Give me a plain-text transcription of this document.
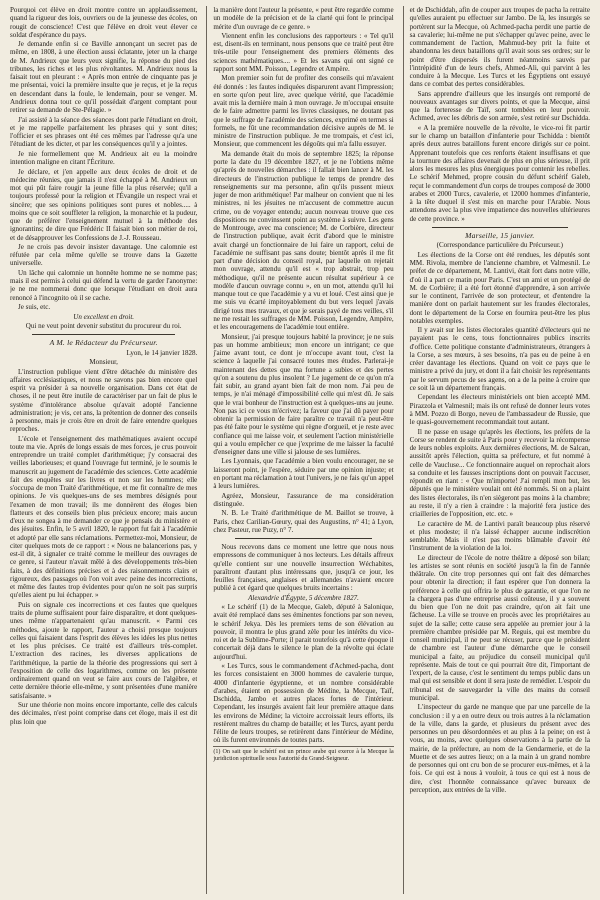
Pourquoi cet élève en droit montre contre un applaudissement, quand la rigueur des lois, ouvriers ou de la jeunesse des écoles, on rougit de conscience! C'est que l'élève en droit veut élever ce soldat d'espérance du pays.

Je demande enfin si ce Baville annonçant un secret pas de même, en 1808, à une élection aussi éclatante, jeter un la charge de M. Andrieux que leurs yeux signifie, la réponse du pied des tribunes, les riches et les plus révoltantes. M. Andrieux nous la faisait tout en pleurant : « Après mon entrée de cinquante pas je me présentai, voici la première insulte que je reçus, et je la reçus en descendant dans la foule, le lendemain, pour se venger. M. Andrieux donna tout ce qu'il possédait d'argent comptant pour retirer sa demande de Ste-Pélagie. »

J'ai assisté à la séance des séances dont parle l'étudiant en droit, et je me rappelle parfaitement les phrases qui y sont dites; l'officier et ses phrases ont été ces mêmes par l'adresse qu'a une l'étudiant de les dicter, et par les conséquences qu'il y a jointes.

Je nie formellement que M. Andrieux ait eu la moindre intention maligne en citant l'Écriture.

Je déclare, et j'en appelle aux deux écoles de droit et de médecine réunies, que jamais il n'est échappé à M. Andrieux un mot qui pût faire rougir la jeune fille la plus réservée; qu'il a toujours professé pour la religion et l'Évangile un respect vrai et sincère; que ses opinions politiques sont pures et nobles..... à moins que ce soit souffleter la religion, la monarchie et la pudeur, que de préférer l'enseignement mutuel à la méthode des ignorantins; de dire que Frédéric II faisait bien son métier de roi, et de désapprouver les Confessions de J.-J. Rousseau.

Je ne crois pas devoir insister davantage. Une calomnie est réfutée par cela même qu'elle se trouve dans la Gazette universelle.

Un lâche qui calomnie un honnête homme ne se nomme pas; mais il est permis à celui qui défend la vertu de garder l'anonyme: je ne me nommerai donc que lorsque l'étudiant en droit aura renoncé à l'incognito où il se cache.

Je suis, etc.

Un excellent en droit.

Qui ne veut point devenir substitut du procureur du roi.

A M. le Rédacteur du Précurseur.

Lyon, le 14 janvier 1828.

Monsieur,

L'instruction publique vient d'être détachée du ministère des affaires ecclésiastiques, et nous ne savons pas bien encore quel esprit va présider à sa nouvelle organisation. Dans cet état de choses, il ne peut être inutile de caractériser par un fait de plus le système d'intolérance absolue qu'avait adopté l'ancienne administration; je vis, cet ans, la prétention de donner des conseils à personne, mais je crois être en droit de faire entendre quelques reproches.

L'école et l'enseignement des mathématiques avaient occupé toute ma vie. Après de longs essais de mes forces, je crus pouvoir entreprendre un traité complet d'arithmétique; j'y consacrai des veilles laborieuses; et quand l'ouvrage fut terminé, je le soumis le manuscrit au jugement de l'académie des sciences. Cette académie fait des enquêtes sur les livres et non sur les hommes; elle s'occupa de mon Traité d'arithmétique, et me fit connaître de mes opinions. Je vis quelques-uns de ses membres désignés pour l'examen de mon travail; ils me donnèrent des éloges bien flatteurs et des conseils bien plus précieux encore; mais aucun d'eux ne songea à me demander ce que je pensais du ministère et des jésuites. Enfin, le 5 avril 1820, le rapport fut fait à l'académie et adopté par elle sans réclamations. Permettez-moi, Monsieur, de citer quelques mots de ce rapport : « Nous ne balancerions pas, y est-il dit, à signaler ce traité comme le meilleur des ouvrages de ce genre, si l'auteur n'avait mêlé à des développements très-bien faits, à des définitions précises et à des raisonnements clairs et rigoureux, des passages où l'on voit avec peine des incorrections, et même des fautes trop évidentes pour qu'on ne soit pas surpris qu'elles aient pu lui échapper. »

Puis on signale ces incorrections et ces fautes que quelques traits de plume suffisaient pour faire disparaître, et dont quelques-unes même n'appartenaient qu'au manuscrit. « Parmi ces méthodes, ajoute le rapport, l'auteur a choisi presque toujours celles qui faisaient dans l'esprit des élèves les idées les plus nettes et les plus précises. Ce traité est d'ailleurs très-complet. L'extraction des racines, les diverses applications de l'arithmétique, la partie de la théorie des progressions qui sert à l'exposition de celle des logarithmes, comme on les présente ordinairement quand on veut se faire aux cours de l'algèbre, et cette dernière théorie elle-même, y sont présentées d'une manière satisfaisante. »

Sur une théorie non moins encore importante, celle des calculs des décimales, n'est point comprise dans cet éloge, mais il est dit plus loin que

la manière dont l'auteur la présente, « peut être regardée comme un modèle de la précision et de la clarté qui font le principal mérite d'un ouvrage de ce genre. »

Viennent enfin les conclusions des rapporteurs : « Tel qu'il est, disent-ils en terminant, nous pensons que ce traité peut être très-utile pour l'enseignement des premiers éléments des sciences mathématiques.... » Et les savans qui ont signé ce rapport sont MM. Poisson, Legendre et Ampère.

Mon premier soin fut de profiter des conseils qui m'avaient été donnés : les fautes indiquées disparurent avant l'impression; en sorte qu'on peut lire, avec quelque vérité, que l'académie avait mis la dernière main à mon ouvrage. Je m'occupai ensuite de le faire admettre parmi les livres classiques, ne doutant pas que le suffrage de l'académie des sciences, exprimé en termes si formels, ne fût une recommandation décisive auprès de M. le ministre de l'instruction publique. Je me trompais, et c'est ici, Monsieur, que commencent les dégoûts qui m'a fallu essuyer.

Ma demande était du mois de septembre 1825; la réponse porte la date du 19 décembre 1827, et je ne l'obtiens même qu'après de nouvelles démarches : il fallait bien lancer à M. les directeurs de l'instruction publique le temps de prendre des renseignements sur ma personne, afin qu'ils pussent mieux juger de mon arithmétique! Par malheur on convient que ni les ministres, ni les jésuites ne m'accusent de commettre aucun crime, ou de voyager entendu; aucun nouveau trouve que ces dispositions ne convinssent point au système à suivre. Les gens de Montrouge, avec ma conscience; M. de Corbière, directeur de l'instruction publique, avait écrit d'abord que le ministre avait chargé un fonctionnaire de lui faire un rapport, celui de l'académie ne suffisant pas sans doute; bientôt après il me fit part d'une décision du conseil royal, par laquelle on rejetait mon ouvrage, attendu qu'il est « trop abstrait, trop peu méthodique, qu'il ne présente aucun résultat supérieur à ce modèle d'aucun ouvrage connu », en un mot, attendu qu'il lui manque tout ce que l'académie y a vu et loué. C'est ainsi que je me suis vu écarté impitoyablement du but vers lequel j'avais dirigé tous mes travaux, et que je serais payé de mes veilles, s'il ne me restait les suffrages de MM. Poisson, Legendre, Ampère, et les encouragemens de l'académie tout entière.

Monsieur, j'ai presque toujours habité la province; je ne suis pas un homme ambitieux; mon encore un intrigant; ce que j'aime avant tout, ce dont je m'occupe avant tout, c'est la science à laquelle j'ai consacré toutes mes études. Parlerai-je maintenant des dettes que ma fortune a subies et des pertes qu'on a soutenu du plus insolent ? Le jugement de ce qu'on m'a fait subir, au grand ayant bien fait de mon nom. J'ai peu de temps, je n'ai ménagé d'impossibilité celle qui m'est dû. Je sais que le vrai bonheur de l'instruction est à quelques-uns au jeune. Non pas ici ce vous m'écrivez; la faveur que j'ai dû payer pour obtenir la permission de faire paraître ce travail n'a peut-être pas été faite pour le système qui règne d'orgueil, et je reste avec confiance qui me laisse voir, et seulement l'action ministérielle qui a voulu empêcher ce que j'exprime de me laisser la faculté d'enseigner dans une ville si jalouse de ses lumières.

Les Lyonnais, que l'académie a bien voulu encourager, ne se laisseront point, je l'espère, séduire par une opinion injuste; et en portant ma réclamation à tout l'univers, je ne fais qu'un appel à leurs lumières.

Agréez, Monsieur, l'assurance de ma considération distinguée.

N. B. Le Traité d'arithmétique de M. Baillot se trouve, à Paris, chez Carilian-Gœury, quai des Augustins, n° 41; à Lyon, chez Pasteur, rue Puzy, n° 7.

Nous recevons dans ce moment une lettre que nous nous empressons de communiquer à nos lecteurs. Les détails affreux qu'elle contient sur une nouvelle insurrection Wéchabites, paraîtront d'autant plus intéressans que, jusqu'à ce jour, les feuilles françaises, anglaises et allemandes n'avaient encore publié à cet égard que quelques bruits incertains :

Alexandrie d'Égypte, 5 décembre 1827.

« Le schérif (1) de la Mecque, Galeb, député à Salonique, avait été remplacé dans ses éminentes fonctions par son neveu, le schérif Jekya. Dès les premiers tems de son élévation au pouvoir, il montra le plus grand zèle pour les intérêts du vice-roi et de la Sublime-Porte; il parait toutefois qu'à cette époque il concertait déjà dans le silence le plan de la révolte qui éclate aujourd'hui.

« Les Turcs, sous le commandement d'Achmed-pacha, dont les forces consistaient en 3000 hommes de cavalerie turque, 4000 d'infanterie égyptienne, et un nombre considérable d'arabes, étaient en possession de Médine, la Mecque, Taïf, Dschidda, Jambo et autres places fortes de l'intérieur. Cependant, les insurgés avaient fait leur première attaque dans les environs de Médine; la victoire accroissait leurs efforts, ils restèrent maîtres du champ de bataille; et les Turcs, ayant perdu l'élite de leurs troupes, se retirèrent dans l'intérieur de Médine, où ils furent environnés de toutes parts.

(1) On sait que le schérif est un prince arabe qui exerce à la Mecque la juridiction spirituelle sous l'autorité du Grand-Seigneur.

et de Dschiddah, afin de couper aux troupes de pacha la retraite qu'elles auraient pu effectuer sur Jambo. De là, les insurgés se portèrent sur la Mecque, où Achmed-pacha perdit une partie de sa cavalerie; lui-même ne put s'échapper qu'avec peine, avec le commandement de l'action, Mahmud-bey prit la fuite et abandonna les deux bataillons qu'il avait sous ses ordres; sur le point d'être dispersés ils furent néanmoins sauvés par l'intrépidité d'un de leurs chefs, Ahmed-Ali, qui parvint à les conduire à la Mecque. Les Turcs et les Égyptiens ont essuyé dans ce combat des pertes considérables.

Sans apprendre d'ailleurs que les insurgés ont remporté de nouveaux avantages sur divers points, et que la Mecque, ainsi que la forteresse de Taïf, sont tombées en leur pouvoir. Achmed, avec les débris de son armée, s'est retiré sur Dschidda.

« A la première nouvelle de la révolte, le vice-roi fit partir sur le champ un bataillon d'infanterie pour Tschidda : bientôt après deux autres bataillons furent encore dirigés sur ce point. Apprenant toutefois que ces renforts étaient insuffisans et que la tournure des affaires devenait de plus en plus sérieuse, il prit alors les mesures les plus énergiques pour contenir les rebelles. Le schérif Mehmed, propre cousin du défunt schérif Galeb, reçut le commandement d'un corps de troupes composé de 3000 arabes et 2000 Turcs, cavalerie, et 12000 hommes d'infanterie, à la tête duquel il s'est mis en marche pour l'Arabie. Nous attendons avec la plus vive impatience des nouvelles ultérieures de cette province. »

Marseille, 15 janvier.

(Correspondance particulière du Précurseur.)

Les élections de la Corse ont été rendues, les députés sont MM. Rivola, membre de l'ancienne chambre, et Valmesnil. Le préfet de ce département, M. Lantivi, était fort dans notre ville, d'où il a part ce matin pour Paris. C'est un ami et un protégé de M. de Corbière; il a été fort étonné d'apprendre, à son arrivée sur le continent, l'arrivée de son protecteur, et d'entendre la manière dont on parlait hautement sur les fraudes électorales, dont le département de la Corse en fournira peut-être les plus notables exemples.

Il y avait sur les listes électorales quantité d'électeurs qui ne payaient pas le cens, tous fonctionnaires publics inscrits d'office. Cette politique constante d'administrateurs, étrangers à la Corse, a ses mœurs, à ses besoins, n'a pas eu de peine à en créer davantage les élections. Quand on voit ce pays que le ministre a privé du jury, et dont il a fait choisir les représentants par le servum pecus de ses agens, on a de la peine à croire que ce soit là un département français.

Cependant les électeurs ministériels ont bien accepté MM. Pirazzola et Valmesnil; mais ils ont refusé de donner leurs votes à MM. Pozzo di Borgo, neveu de l'ambassadeur de Russie, que le quasi-gouvernement recommandait tout autant.

Il ne passe en usage qu'après les élections, les préfets de la Corse se rendent de suite à Paris pour y recevoir la récompense de leurs nobles exploits. Aux dernières élections, M. de Salcan, aussitôt après l'élection, quitta sa préfecture, et fut nommé à celle de Vaucluse... Ce fonctionnaire auquel on reprochait alors sa conduite et les fausses inscriptions dont on pouvait l'accuser, répondit en riant : « Que m'importe! J'ai rempli mon but, les députés que le ministère voulait ont été nommés. Si on a plaint des listes électorales, ils n'en siègeront pas moins à la chambre; au reste, il n'y a rien à craindre : la majorité fera justice des criailleries de l'opposition, etc. etc. »

Le caractère de M. de Lantivi paraît beaucoup plus réservé et plus modeste; il n'a laissé échapper aucune indiscrétion semblable. Mais il n'est pas moins blâmable d'avoir été l'instrument de la violation de la loi.

Le directeur de l'école de notre théâtre a déposé son bilan; les artistes se sont réunis en société jusqu'à la fin de l'année théâtrale. On cite trop personnes qui ont fait des démarches pour obtenir la direction; il faut espérer que l'on donnera la préférence à celle qui offrira le plus de garantie, et que l'on ne la chargera pas d'une entreprise aussi coûteuse, il y a souvent du bien que l'on ne doit pas craindre, qu'on ait fait une fâcheuse. La ville se trouve en procès avec les propriétaires au sujet de la salle; cette cause sera appelée au premier jour à la première chambre présidée par M. Reguis, qui est membre du conseil municipal, il ne peut se récuser, parce que le président de chambre est l'auteur d'une démarche que le conseil municipal a faite, au préjudice du conseil municipal qu'il représente. Mais de tout ce qui pourrait être dit, l'important de l'expert, de la cause, c'est le sentiment du temps public dans un mal qui est sensible et dont il sera juste de remédier. L'espoir du tribunal est de sauvegarder la ville des mains du conseil municipal.

L'inspecteur du garde ne manque que par une parcelle de la conclusion : il y a en outre deux ou trois autres à la réclamation de la ville, dans la garde, et plusieurs du présent avec des personnes un peu désordonnées et au plus à la peine; on est à vous, au moins, avec quelques observations à la partie de la mairie, de la préfecture, au nom de la Gendarmerie, et de la Muette et de ses autres lieux; on a la main à un grand nombre de personnes qui ont cru bon de se procurer eux-mêmes, et à la fois. Ce qui est à nous à vouloir, à tous ce qui est à nous de dire, c'est l'honnête connaissance qu'avec bureaux de perception, aux entrées de la ville.
